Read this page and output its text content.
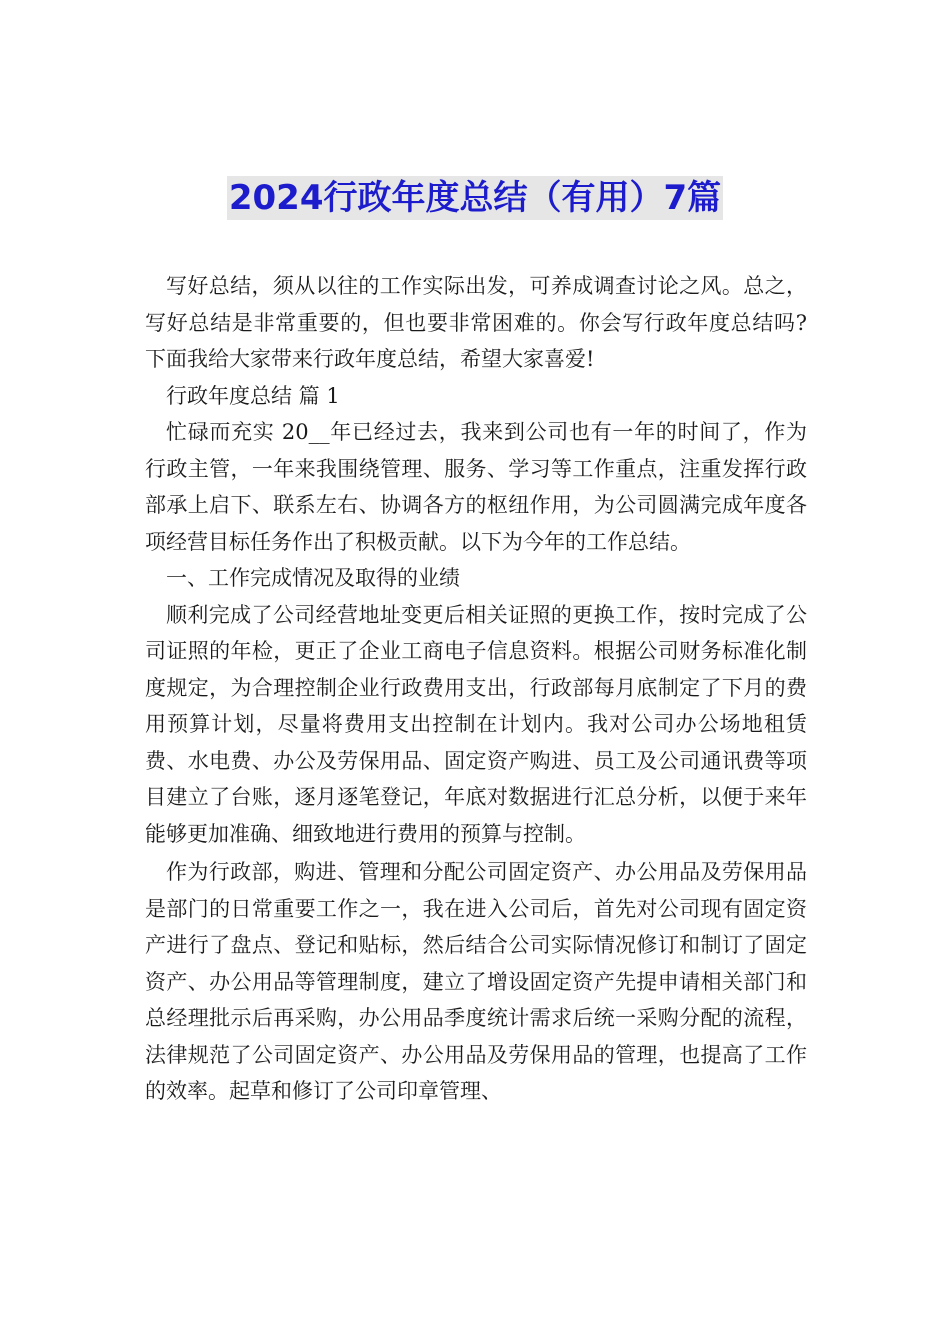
2024行政年度总结（有用）7篇

写好总结，须从以往的工作实际出发，可养成调查讨论之风。总之，写好总结是非常重要的，但也要非常困难的。你会写行政年度总结吗?下面我给大家带来行政年度总结，希望大家喜爱!

行政年度总结 篇 1

忙碌而充实 20__年已经过去，我来到公司也有一年的时间了，作为行政主管，一年来我围绕管理、服务、学习等工作重点，注重发挥行政部承上启下、联系左右、协调各方的枢纽作用，为公司圆满完成年度各项经营目标任务作出了积极贡献。以下为今年的工作总结。

一、工作完成情况及取得的业绩

顺利完成了公司经营地址变更后相关证照的更换工作，按时完成了公司证照的年检，更正了企业工商电子信息资料。根据公司财务标准化制度规定，为合理控制企业行政费用支出，行政部每月底制定了下月的费用预算计划，尽量将费用支出控制在计划内。我对公司办公场地租赁费、水电费、办公及劳保用品、固定资产购进、员工及公司通讯费等项目建立了台账，逐月逐笔登记，年底对数据进行汇总分析，以便于来年能够更加准确、细致地进行费用的预算与控制。

作为行政部，购进、管理和分配公司固定资产、办公用品及劳保用品是部门的日常重要工作之一，我在进入公司后，首先对公司现有固定资产进行了盘点、登记和贴标，然后结合公司实际情况修订和制订了固定资产、办公用品等管理制度，建立了增设固定资产先提申请相关部门和总经理批示后再采购，办公用品季度统计需求后统一采购分配的流程，法律规范了公司固定资产、办公用品及劳保用品的管理，也提高了工作的效率。起草和修订了公司印章管理、
